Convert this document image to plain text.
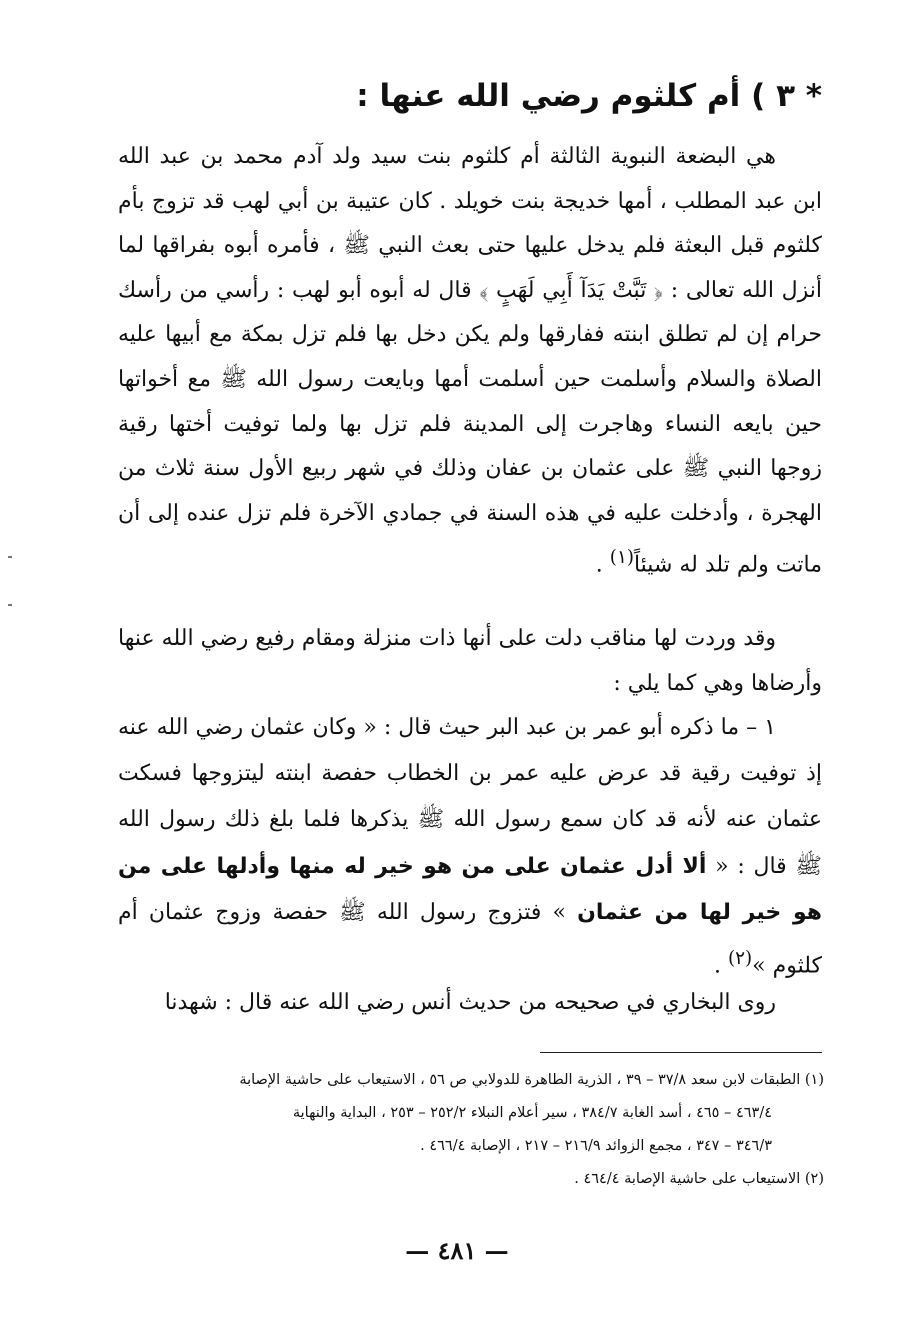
* ٣ ) أم كلثوم رضي الله عنها :

هي البضعة النبوية الثالثة أم كلثوم بنت سيد ولد آدم محمد بن عبد الله ابن عبد المطلب ، أمها خديجة بنت خويلد . كان عتيبة بن أبي لهب قد تزوج بأم كلثوم قبل البعثة فلم يدخل عليها حتى بعث النبي ﷺ ، فأمره أبوه بفراقها لما أنزل الله تعالى : ﴿ تَبَّتْ يَدَآ أَبِي لَهَبٍ ﴾ قال له أبوه أبو لهب : رأسي من رأسك حرام إن لم تطلق ابنته ففارقها ولم يكن دخل بها فلم تزل بمكة مع أبيها عليه الصلاة والسلام وأسلمت حين أسلمت أمها وبايعت رسول الله ﷺ مع أخواتها حين بايعه النساء وهاجرت إلى المدينة فلم تزل بها ولما توفيت أختها رقية زوجها النبي ﷺ على عثمان بن عفان وذلك في شهر ربيع الأول سنة ثلاث من الهجرة ، وأدخلت عليه في هذه السنة في جمادي الآخرة فلم تزل عنده إلى أن ماتت ولم تلد له شيئاً$^{(١)}$ .

وقد وردت لها مناقب دلت على أنها ذات منزلة ومقام رفيع رضي الله عنها وأرضاها وهي كما يلي :

١ – ما ذكره أبو عمر بن عبد البر حيث قال : « وكان عثمان رضي الله عنه إذ توفيت رقية قد عرض عليه عمر بن الخطاب حفصة ابنته ليتزوجها فسكت عثمان عنه لأنه قد كان سمع رسول الله ﷺ يذكرها فلما بلغ ذلك رسول الله ﷺ قال : « ألا أدل عثمان على من هو خير له منها وأدلها على من هو خير لها من عثمان » فتزوج رسول الله ﷺ حفصة وزوج عثمان أم كلثوم »$^{(٢)}$ .

روى البخاري في صحيحه من حديث أنس رضي الله عنه قال : شهدنا

(١) الطبقات لابن سعد ٣٧/٨ – ٣٩ ، الذرية الطاهرة للدولابي ص ٥٦ ، الاستيعاب على حاشية الإصابة
٤٦٣/٤ – ٤٦٥ ، أسد الغابة ٣٨٤/٧ ، سير أعلام النبلاء ٢٥٢/٢ – ٢٥٣ ، البداية والنهاية
٣٤٦/٣ – ٣٤٧ ، مجمع الزوائد ٢١٦/٩ – ٢١٧ ، الإصابة ٤٦٦/٤ .

(٢) الاستيعاب على حاشية الإصابة ٤٦٤/٤ .

— ٤٨١ —
